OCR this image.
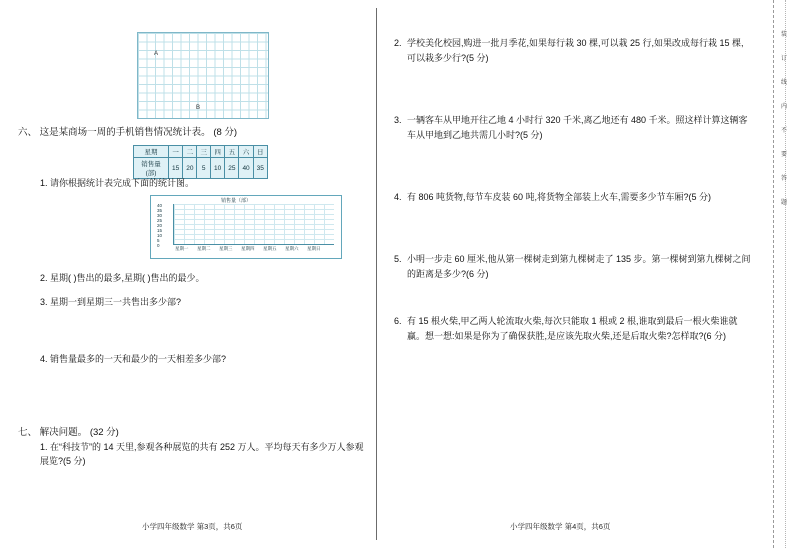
装
订
线
内
不
要
答
题
A
B
六、 这是某商场一周的手机销售情况统计表。 (8 分)
星期	一	二	三	四	五	六	日
销售量(部)	15	20	5	10	25	40	35
1. 请你根据统计表完成下面的统计图。
销售量（部）
40
35
30
25
20
15
10
5
0
星期一 星期二 星期三 星期四 星期五 星期六 星期日
2. 星期( )售出的最多,星期( )售出的最少。
3. 星期一到星期三一共售出多少部?
4. 销售量最多的一天和最少的一天相差多少部?
七、 解决问题。 (32 分)
1. 在“科技节”的 14 天里,参观各种展览的共有 252 万人。平均每天有多少万人参观展览?(5 分)
小学四年级数学 第3页，共6页
2. 学校美化校园,购进一批月季花,如果每行栽 30 棵,可以栽 25 行,如果改成每行栽 15 棵,可以栽多少行?(5 分)
3. 一辆客车从甲地开往乙地 4 小时行 320 千米,离乙地还有 480 千米。照这样计算这辆客车从甲地到乙地共需几小时?(5 分)
4. 有 806 吨货物,每节车皮装 60 吨,将货物全部装上火车,需要多少节车厢?(5 分)
5. 小明一步走 60 厘米,他从第一棵树走到第九棵树走了 135 步。第一棵树到第九棵树之间的距离是多少?(6 分)
6. 有 15 根火柴,甲乙两人轮流取火柴,每次只能取 1 根或 2 根,谁取到最后一根火柴谁就赢。想一想:如果是你为了确保获胜,是应该先取火柴,还是后取火柴?怎样取?(6 分)
小学四年级数学 第4页，共6页
